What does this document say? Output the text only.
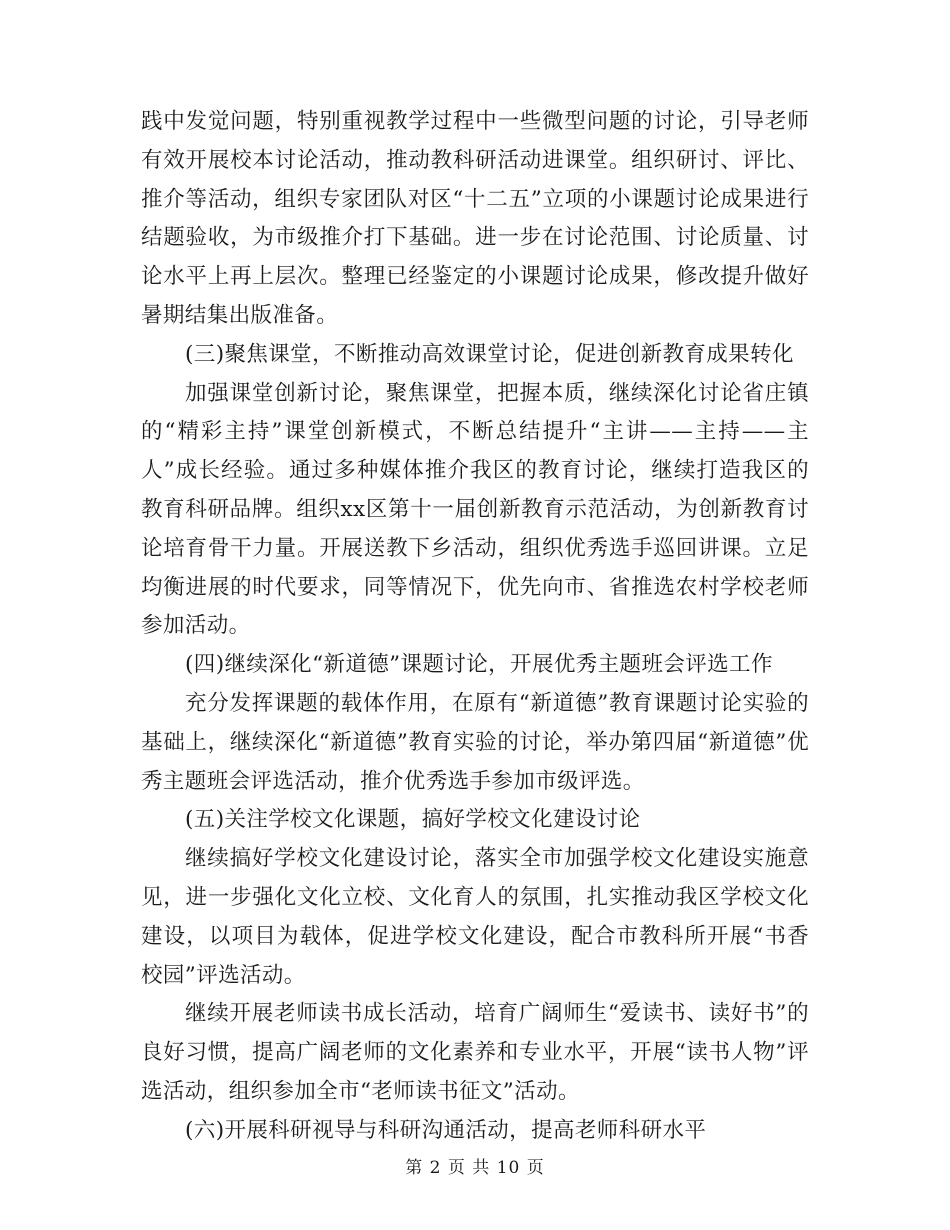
践中发觉问题，特别重视教学过程中一些微型问题的讨论，引导老师有效开展校本讨论活动，推动教科研活动进课堂。组织研讨、评比、推介等活动，组织专家团队对区“十二五”立项的小课题讨论成果进行结题验收，为市级推介打下基础。进一步在讨论范围、讨论质量、讨论水平上再上层次。整理已经鉴定的小课题讨论成果，修改提升做好暑期结集出版准备。

(三)聚焦课堂，不断推动高效课堂讨论，促进创新教育成果转化

加强课堂创新讨论，聚焦课堂，把握本质，继续深化讨论省庄镇的“精彩主持”课堂创新模式，不断总结提升“主讲——主持——主人”成长经验。通过多种媒体推介我区的教育讨论，继续打造我区的教育科研品牌。组织xx区第十一届创新教育示范活动，为创新教育讨论培育骨干力量。开展送教下乡活动，组织优秀选手巡回讲课。立足均衡进展的时代要求，同等情况下，优先向市、省推选农村学校老师参加活动。

(四)继续深化“新道德”课题讨论，开展优秀主题班会评选工作

充分发挥课题的载体作用，在原有“新道德”教育课题讨论实验的基础上，继续深化“新道德”教育实验的讨论，举办第四届“新道德”优秀主题班会评选活动，推介优秀选手参加市级评选。

(五)关注学校文化课题，搞好学校文化建设讨论

继续搞好学校文化建设讨论，落实全市加强学校文化建设实施意见，进一步强化文化立校、文化育人的氛围，扎实推动我区学校文化建设，以项目为载体，促进学校文化建设，配合市教科所开展“书香校园”评选活动。

继续开展老师读书成长活动，培育广阔师生“爱读书、读好书”的良好习惯，提高广阔老师的文化素养和专业水平，开展“读书人物”评选活动，组织参加全市“老师读书征文”活动。

(六)开展科研视导与科研沟通活动，提高老师科研水平

第 2 页 共 10 页
